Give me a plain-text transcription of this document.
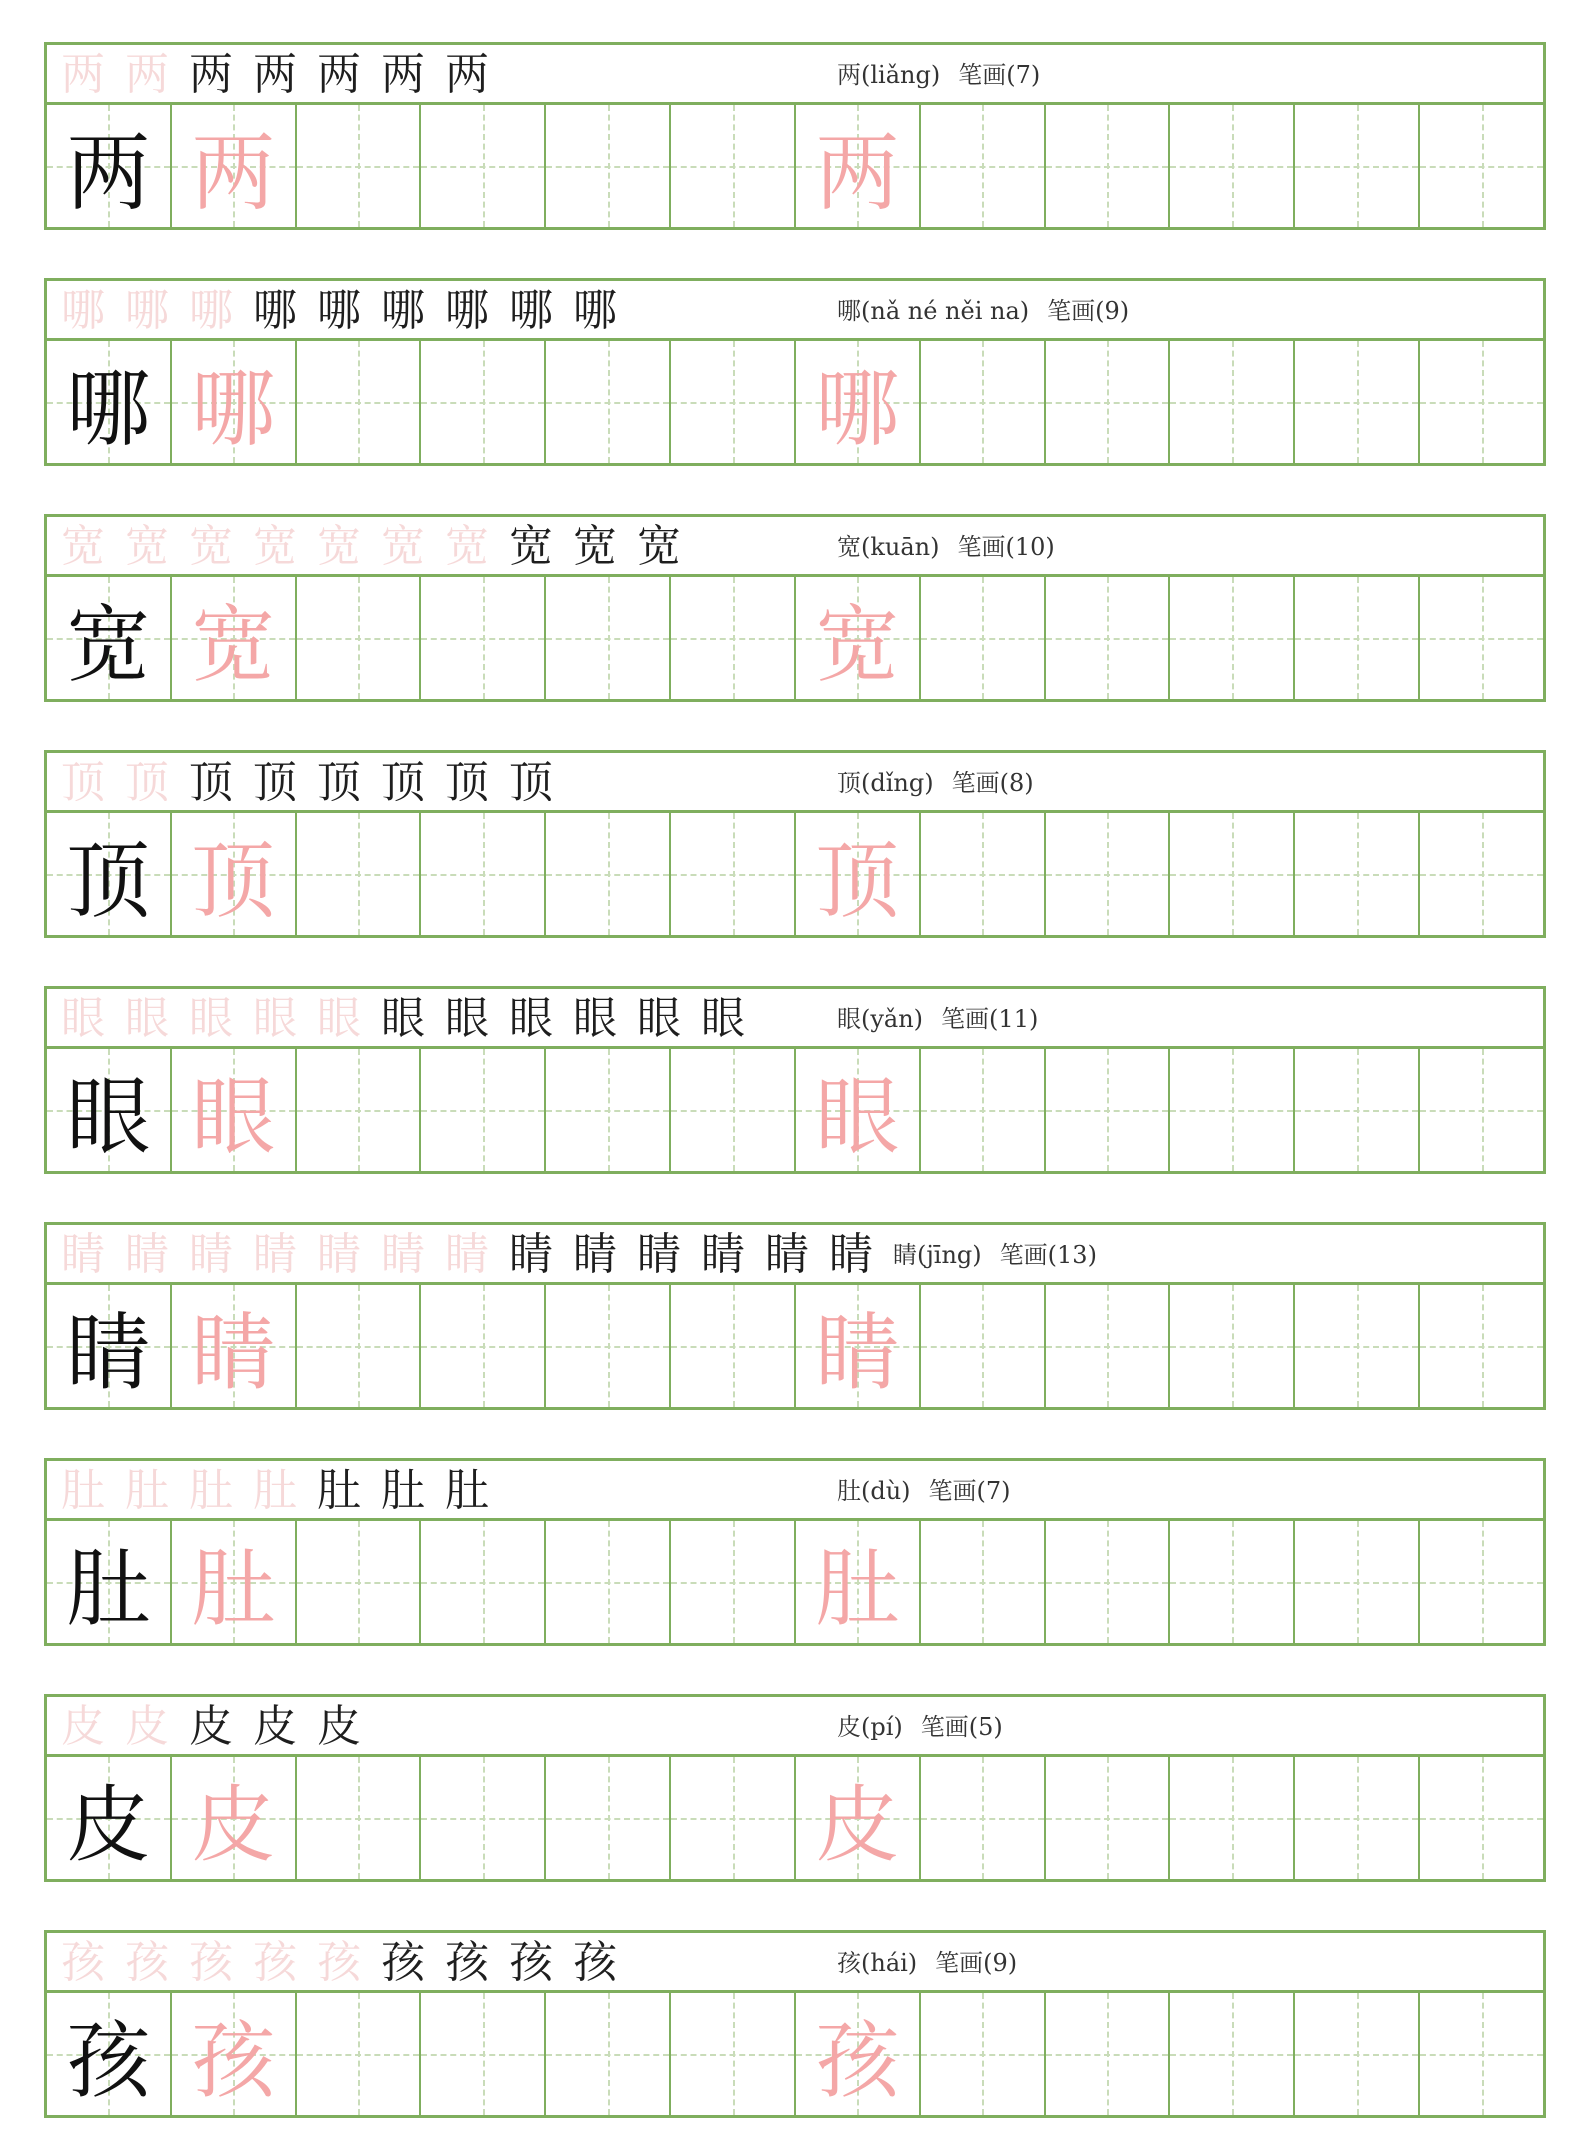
两 两 两 两 两 两 两	两(liǎng) 笔画(7)
两 两	两
哪 哪 哪 哪 哪 哪 哪 哪 哪	哪(nǎ né něi na) 笔画(9)
哪 哪	哪
宽 宽 宽 宽 宽 宽 宽 宽 宽 宽	宽(kuān) 笔画(10)
宽 宽	宽
顶 顶 顶 顶 顶 顶 顶 顶	顶(dǐng) 笔画(8)
顶 顶	顶
眼 眼 眼 眼 眼 眼 眼 眼 眼 眼 眼	眼(yǎn) 笔画(11)
眼 眼	眼
睛 睛 睛 睛 睛 睛 睛 睛 睛 睛 睛 睛 睛 睛(jīng) 笔画(13)
睛 睛	睛
肚 肚 肚 肚 肚 肚 肚	肚(dù) 笔画(7)
肚 肚	肚
皮 皮 皮 皮 皮	皮(pí) 笔画(5)
皮 皮	皮
孩 孩 孩 孩 孩 孩 孩 孩 孩	孩(hái) 笔画(9)
孩 孩	孩
